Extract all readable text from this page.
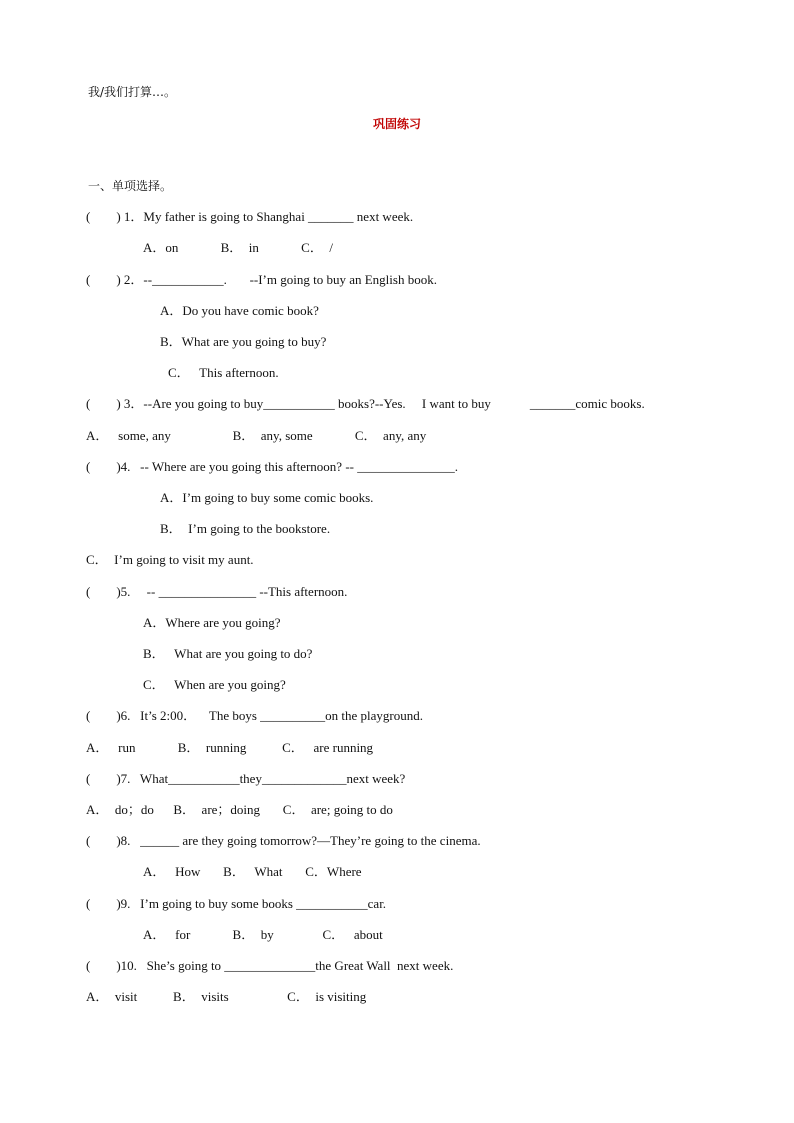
我/我们打算…。
巩固练习
一、单项选择。
(        ) 1．My father is going to Shanghai _______ next week.
A．on             B．  in             C．  /
(        ) 2．--___________.       --I’m going to buy an English book.
A．Do you have comic book?
B．What are you going to buy?
C．   This afternoon.
(        ) 3．--Are you going to buy___________ books?--Yes.     I want to buy            _______comic books.
A．   some, any                   B．  any, some             C．  any, any
(        )4.   -- Where are you going this afternoon? -- _______________.
A．I’m going to buy some comic books.
B．  I’m going to the bookstore.
C．  I’m going to visit my aunt.
(        )5.     -- _______________ --This afternoon.
A．Where are you going?
B．   What are you going to do?
C．   When are you going?
(        )6.   It’s 2:00．    The boys __________on the playground.
A．   run             B．  running           C．   are running
(        )7.   What___________they_____________next week?
A．  do；do      B．  are；doing       C．  are; going to do
(        )8.   ______ are they going tomorrow?—They’re going to the cinema.
A．   How       B．   What       C．Where
(        )9.   I’m going to buy some books ___________car.
A．   for             B．  by               C．   about
(        )10.   She’s going to ______________the Great Wall  next week.
A．  visit           B．  visits                  C．  is visiting
